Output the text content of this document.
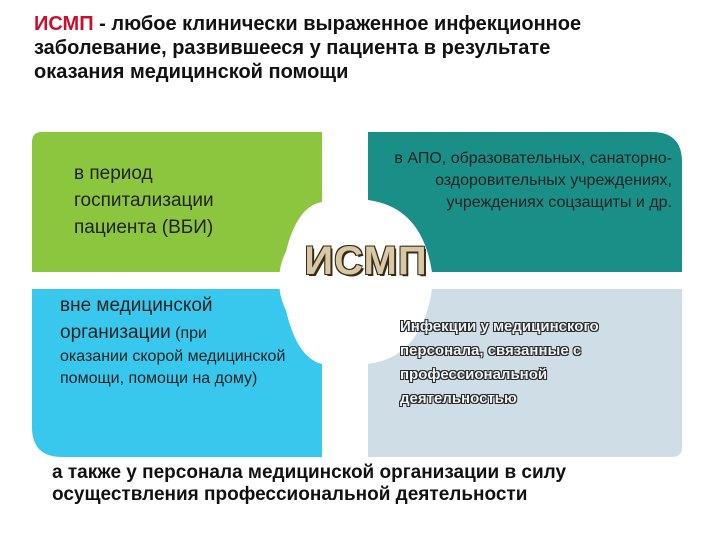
ИСМП - любое клинически выраженное инфекционное заболевание, развившееся у пациента в результате оказания медицинской помощи
в период госпитализации пациента (ВБИ)
в АПО, образовательных, санаторно-оздоровительных учреждениях, учреждениях соцзащиты и др.
вне медицинской организации (при
оказании скорой медицинской помощи, помощи на дому)
Инфекции у медицинского персонала, связанные с профессиональной деятельностью
ИСМП
а также у персонала медицинской организации в силу осуществления профессиональной деятельности
